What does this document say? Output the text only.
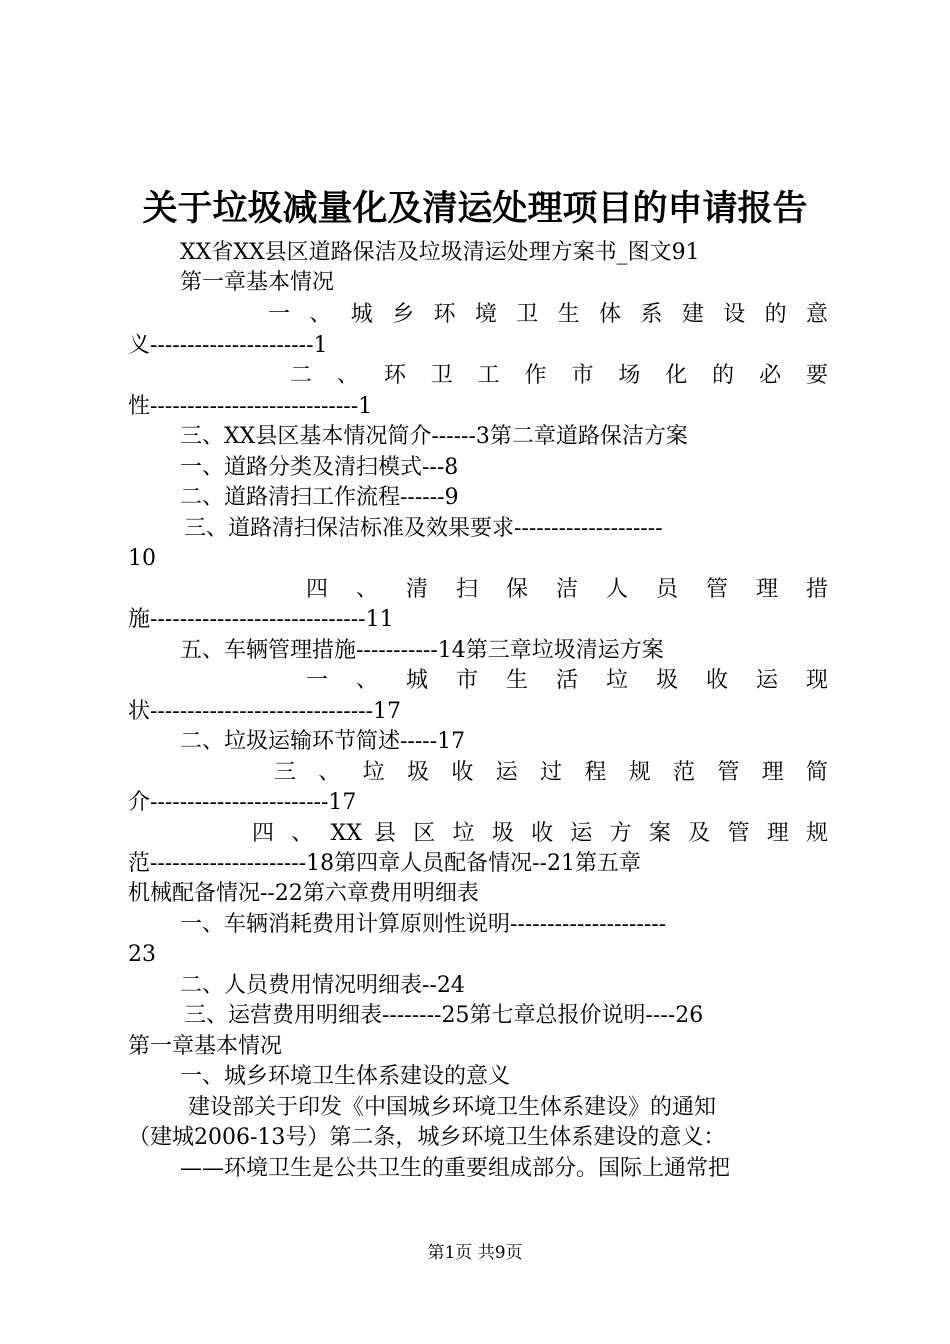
关于垃圾减量化及清运处理项目的申请报告
XX省XX县区道路保洁及垃圾清运处理方案书_图文91
第一章基本情况
一 、 城 乡 环 境 卫 生 体 系 建 设 的 意
义----------------------1
二 、 环 卫 工 作 市 场 化 的 必 要
性----------------------------1
三、XX县区基本情况简介------3第二章道路保洁方案
一、道路分类及清扫模式---8
二、道路清扫工作流程------9
三、道路清扫保洁标准及效果要求--------------------
10
四 、 清 扫 保 洁 人 员 管 理 措
施-----------------------------11
五、车辆管理措施-----------14第三章垃圾清运方案
一 、 城 市 生 活 垃 圾 收 运 现
状------------------------------17
二、垃圾运输环节简述-----17
三 、 垃 圾 收 运 过 程 规 范 管 理 简
介------------------------17
四 、 XX 县 区 垃 圾 收 运 方 案 及 管 理 规
范---------------------18第四章人员配备情况--21第五章
机械配备情况--22第六章费用明细表
一、车辆消耗费用计算原则性说明---------------------
23
二、人员费用情况明细表--24
三、运营费用明细表--------25第七章总报价说明----26
第一章基本情况
一、城乡环境卫生体系建设的意义
建设部关于印发《中国城乡环境卫生体系建设》的通知
（建城2006-13号）第二条，城乡环境卫生体系建设的意义：
——环境卫生是公共卫生的重要组成部分。国际上通常把
第1页 共9页
